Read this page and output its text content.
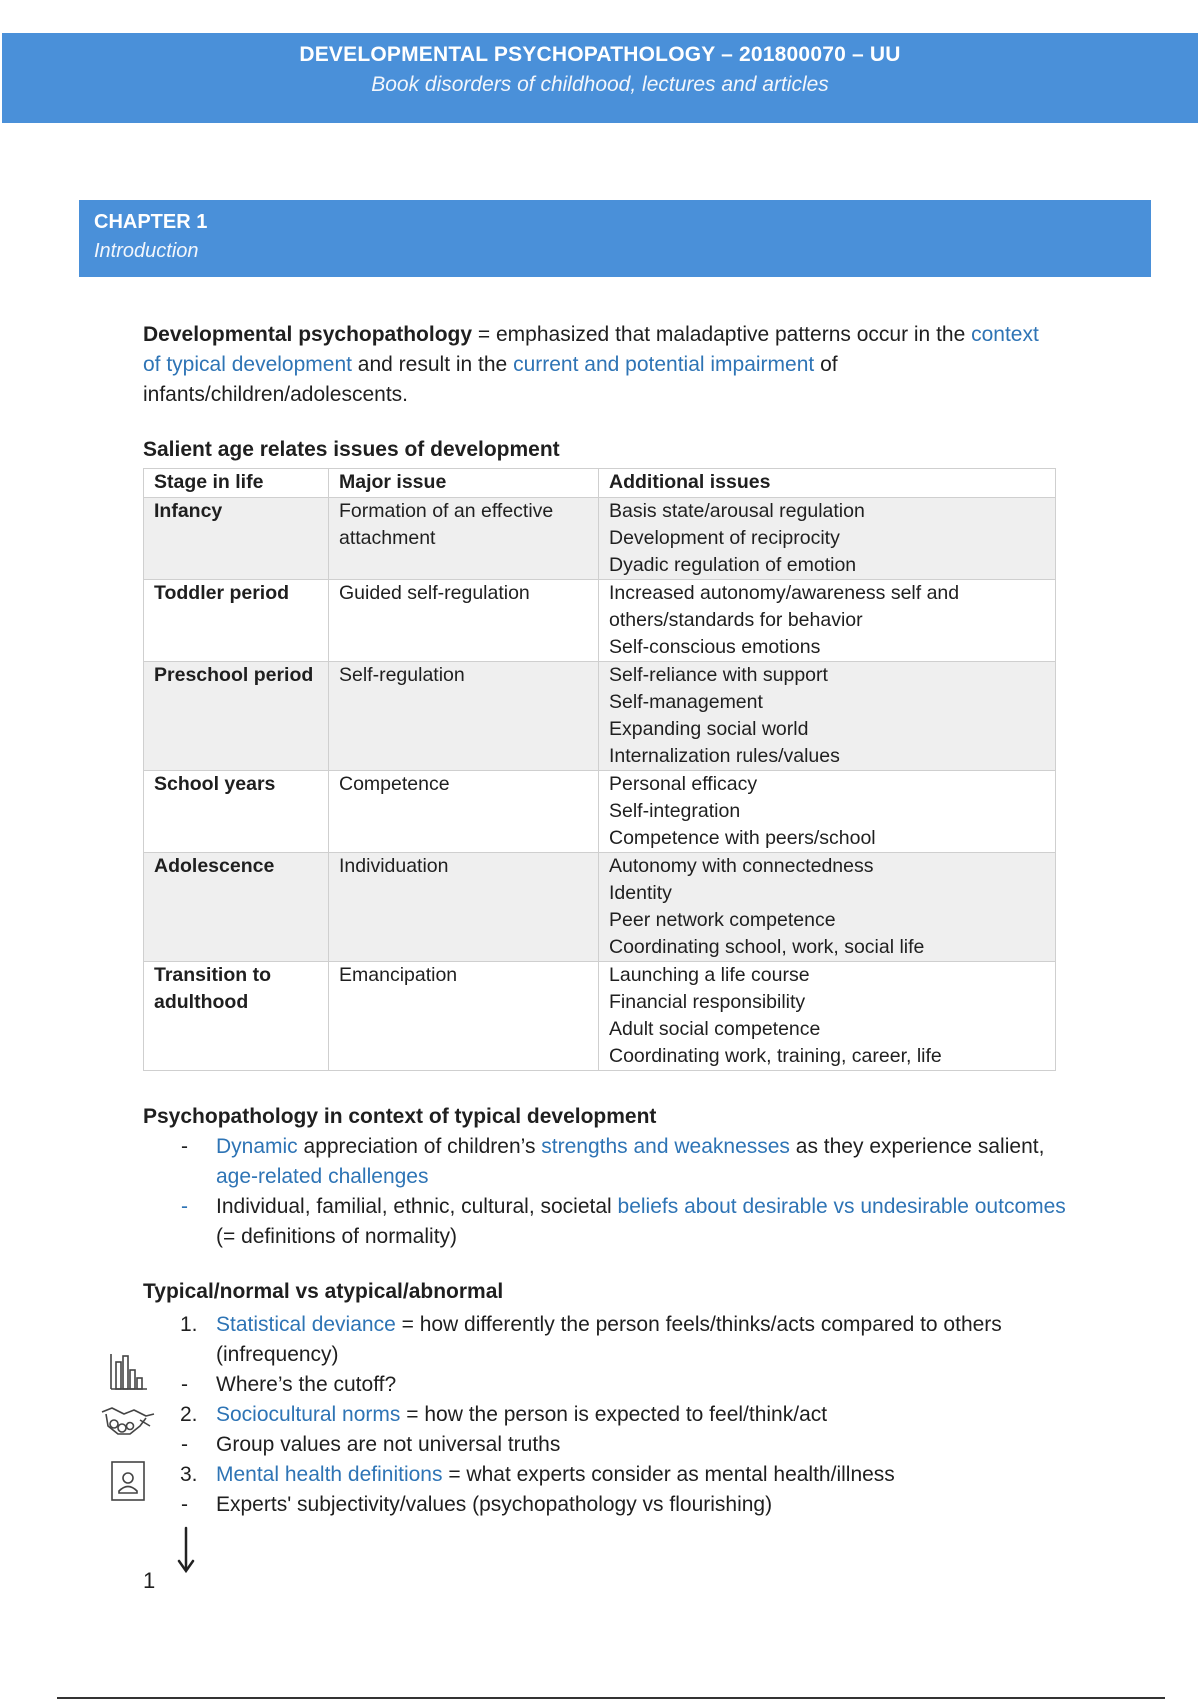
DEVELOPMENTAL PSYCHOPATHOLOGY – 201800070 – UU
Book disorders of childhood, lectures and articles
CHAPTER 1
Introduction
Developmental psychopathology = emphasized that maladaptive patterns occur in the context of typical development and result in the current and potential impairment of infants/children/adolescents.
Salient age relates issues of development
Stage in life	Major issue	Additional issues
Infancy	Formation of an effective attachment	Basis state/arousal regulation
Development of reciprocity
Dyadic regulation of emotion

Toddler period	Guided self-regulation	Increased autonomy/awareness self and others/standards for behavior
Self-conscious emotions

Preschool period	Self-regulation	Self-reliance with support
Self-management
Expanding social world
Internalization rules/values

School years	Competence	Personal efficacy
Self-integration
Competence with peers/school

Adolescence	Individuation	Autonomy with connectedness
Identity
Peer network competence
Coordinating school, work, social life

Transition to adulthood	Emancipation	Launching a life course
Financial responsibility
Adult social competence
Coordinating work, training, career, life
Psychopathology in context of typical development
- Dynamic appreciation of children’s strengths and weaknesses as they experience salient, age-related challenges
- Individual, familial, ethnic, cultural, societal beliefs about desirable vs undesirable outcomes (= definitions of normality)
Typical/normal vs atypical/abnormal
1. Statistical deviance = how differently the person feels/thinks/acts compared to others (infrequency)
- Where’s the cutoff?
2. Sociocultural norms = how the person is expected to feel/think/act
- Group values are not universal truths
3. Mental health definitions = what experts consider as mental health/illness
- Experts' subjectivity/values (psychopathology vs flourishing)
1
